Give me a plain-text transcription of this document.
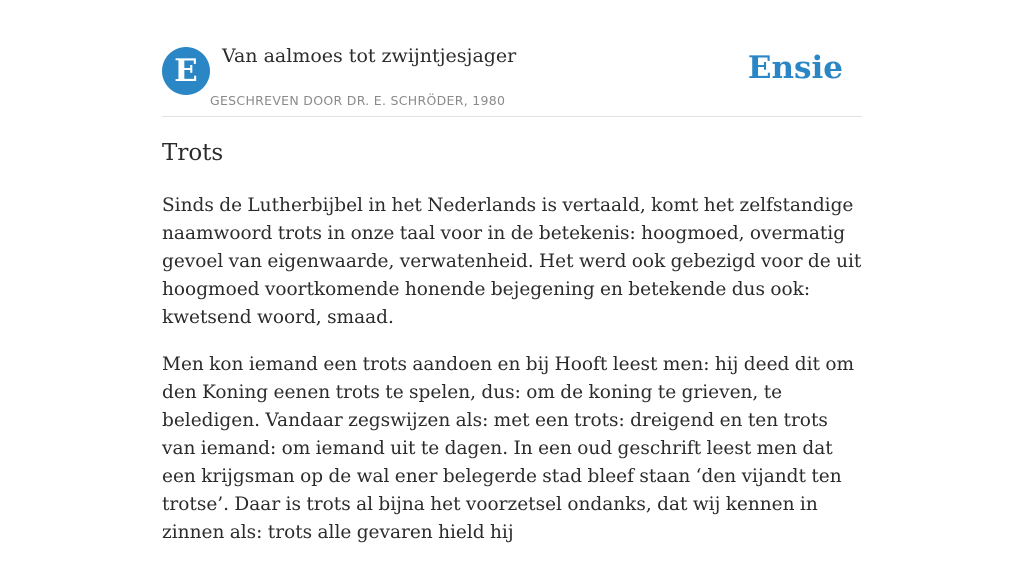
E	Van aalmoes tot zwijntjesjager
GESCHREVEN DOOR DR. E. SCHRÖDER, 1980
Ensie
Trots

Sinds de Lutherbijbel in het Nederlands is vertaald, komt het zelfstandige naamwoord trots in onze taal voor in de betekenis: hoogmoed, overmatig gevoel van eigenwaarde, verwatenheid. Het werd ook gebezigd voor de uit hoogmoed voortkomende honende bejegening en betekende dus ook: kwetsend woord, smaad.

Men kon iemand een trots aandoen en bij Hooft leest men: hij deed dit om den Koning eenen trots te spelen, dus: om de koning te grieven, te beledigen. Vandaar zegswijzen als: met een trots: dreigend en ten trots van iemand: om iemand uit te dagen. In een oud geschrift leest men dat een krijgsman op de wal ener belegerde stad bleef staan ‘den vijandt ten trotse’. Daar is trots al bijna het voorzetsel ondanks, dat wij kennen in zinnen als: trots alle gevaren hield hij
